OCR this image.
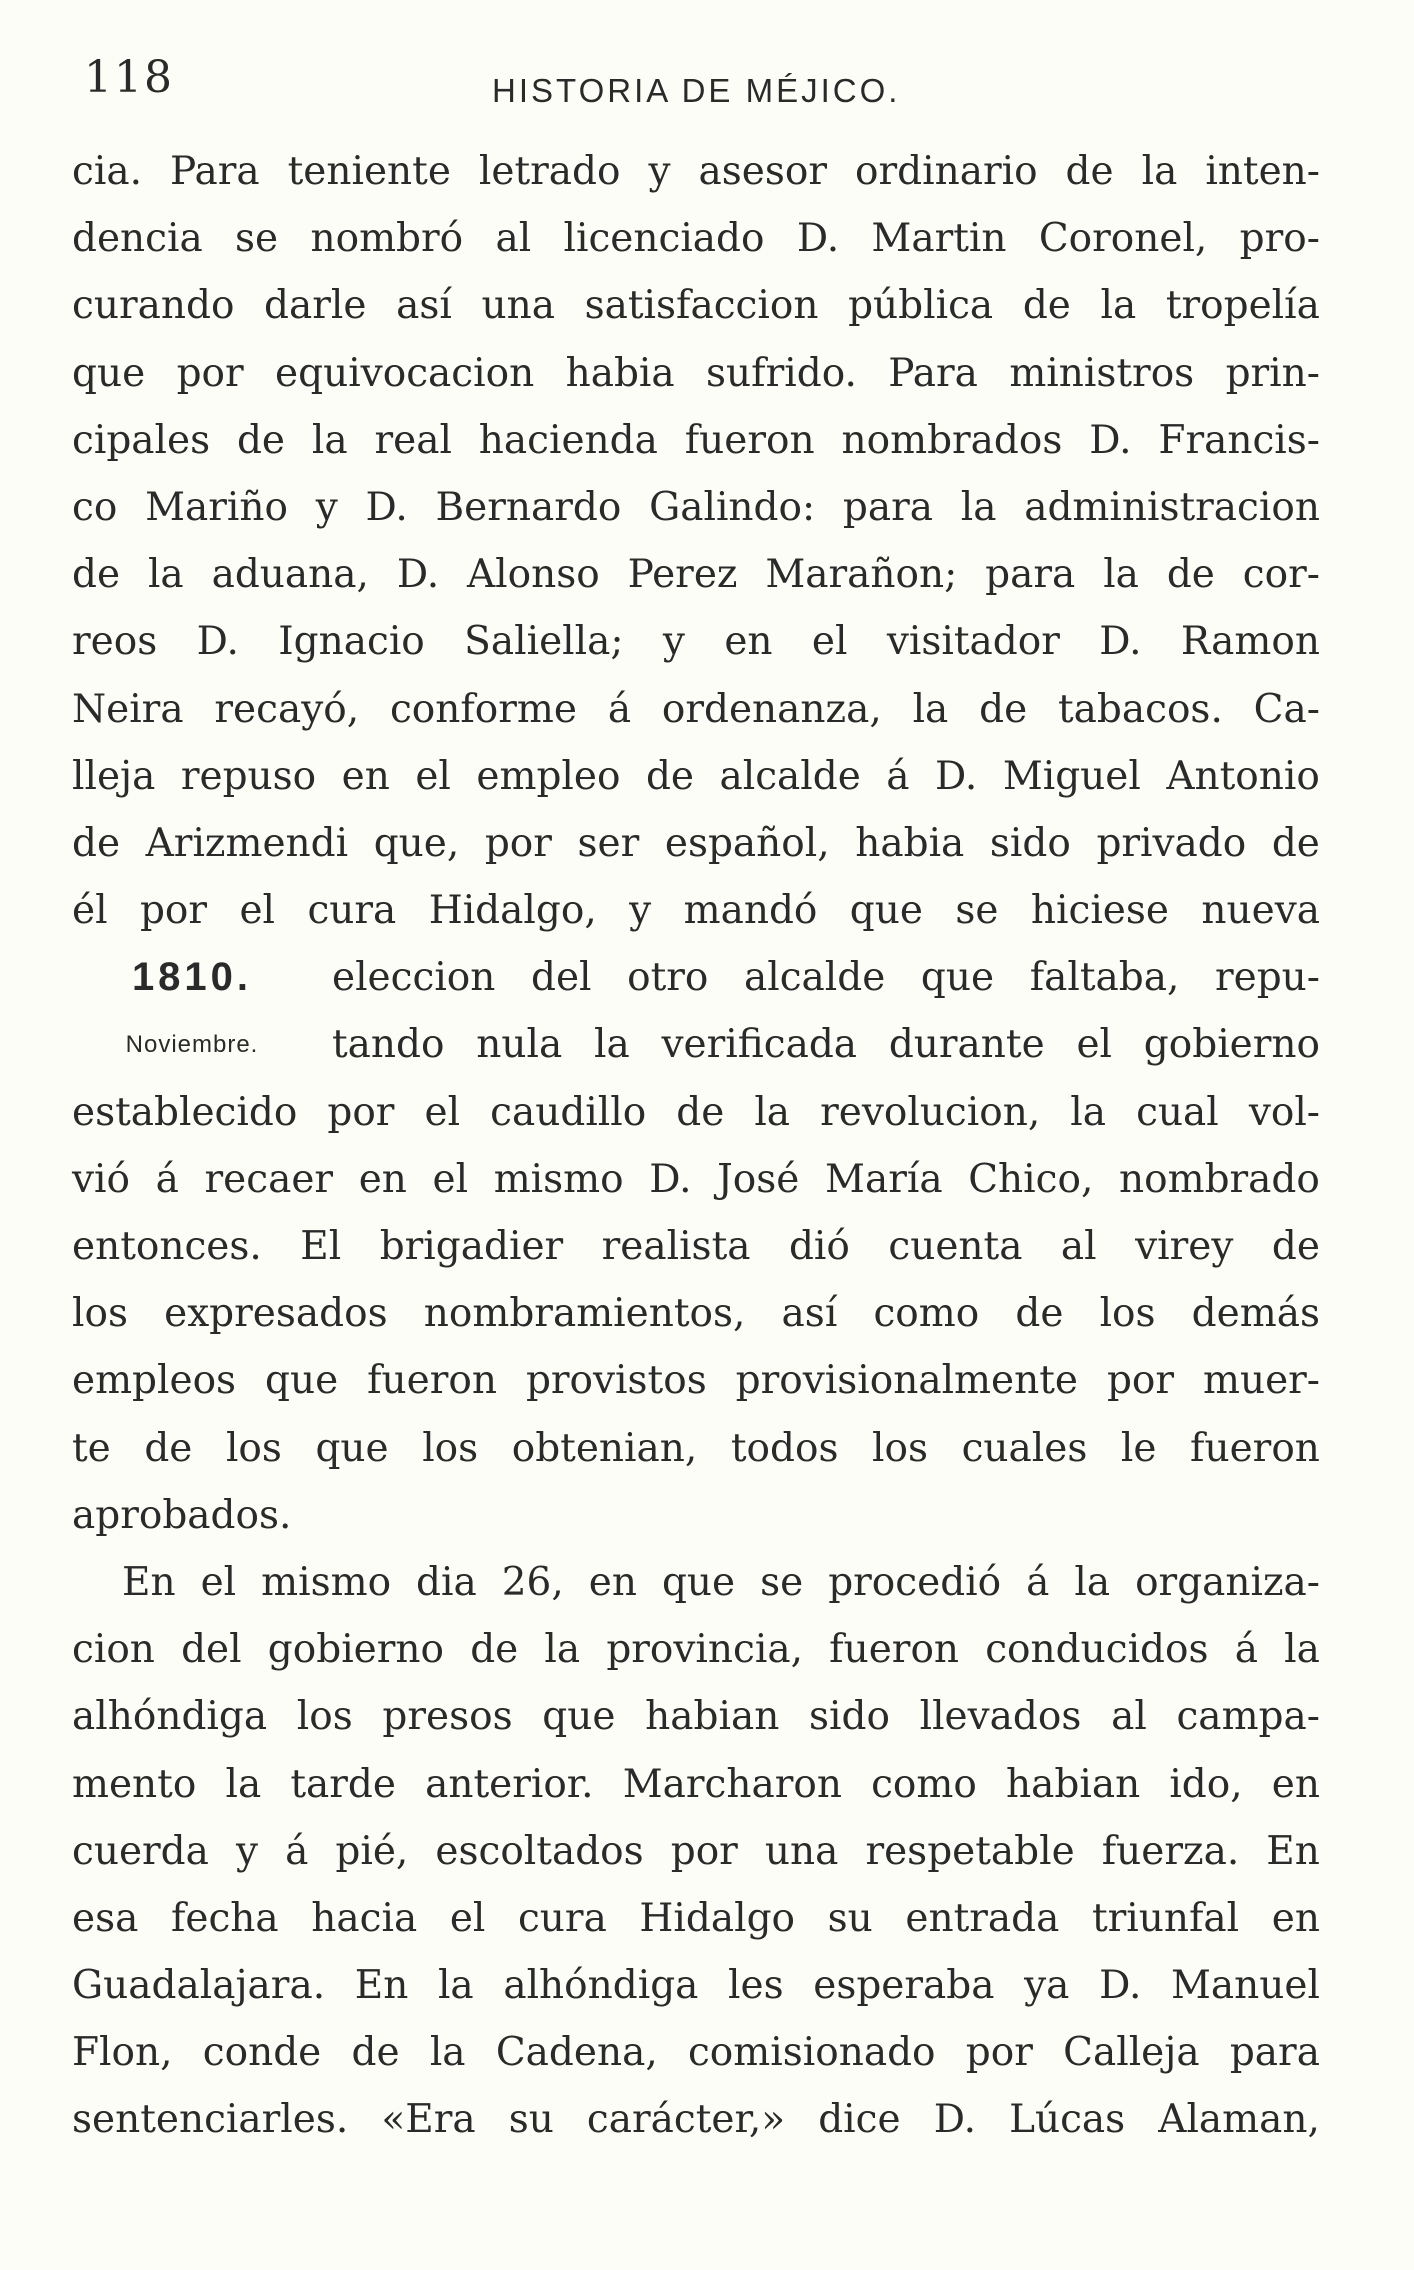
118	HISTORIA DE MÉJICO.
cia. Para teniente letrado y asesor ordinario de la inten-
dencia se nombró al licenciado D. Martin Coronel, pro-
curando darle así una satisfaccion pública de la tropelía
que por equivocacion habia sufrido. Para ministros prin-
cipales de la real hacienda fueron nombrados D. Francis-
co Mariño y D. Bernardo Galindo: para la administracion
de la aduana, D. Alonso Perez Marañon; para la de cor-
reos D. Ignacio Saliella; y en el visitador D. Ramon
Neira recayó, conforme á ordenanza, la de tabacos. Ca-
lleja repuso en el empleo de alcalde á D. Miguel Antonio
de Arizmendi que, por ser español, habia sido privado de
él por el cura Hidalgo, y mandó que se hiciese nueva
1810.	eleccion del otro alcalde que faltaba, repu-
Noviembre.	tando nula la verificada durante el gobierno
establecido por el caudillo de la revolucion, la cual vol-
vió á recaer en el mismo D. José María Chico, nombrado
entonces. El brigadier realista dió cuenta al virey de
los expresados nombramientos, así como de los demás
empleos que fueron provistos provisionalmente por muer-
te de los que los obtenian, todos los cuales le fueron
aprobados.
En el mismo dia 26, en que se procedió á la organiza-
cion del gobierno de la provincia, fueron conducidos á la
alhóndiga los presos que habian sido llevados al campa-
mento la tarde anterior. Marcharon como habian ido, en
cuerda y á pié, escoltados por una respetable fuerza. En
esa fecha hacia el cura Hidalgo su entrada triunfal en
Guadalajara. En la alhóndiga les esperaba ya D. Manuel
Flon, conde de la Cadena, comisionado por Calleja para
sentenciarles. «Era su carácter,» dice D. Lúcas Alaman,
